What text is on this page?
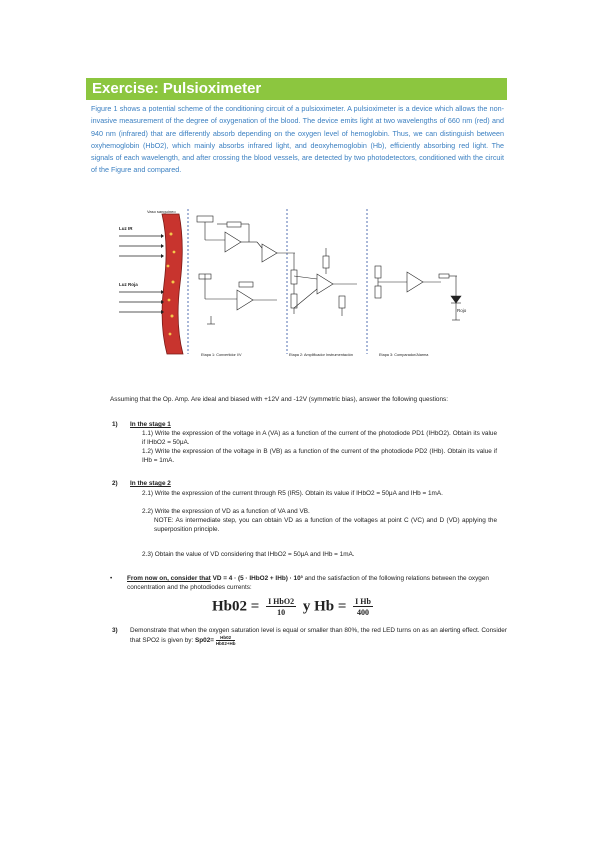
Exercise: Pulsioximeter
Figure 1 shows a potential scheme of the conditioning circuit of a pulsioximeter. A pulsioximeter is a device which allows the non-invasive measurement of the degree of oxygenation of the blood. The device emits light at two wavelengths of 660 nm (red) and 940 nm (infrared) that are differently absorb depending on the oxygen level of hemoglobin. Thus, we can distinguish between oxyhemoglobin (HbO2), which mainly absorbs infrared light, and deoxyhemoglobin (Hb), efficiently absorbing red light. The signals of each wavelength, and after crossing the blood vessels, are detected by two photodetectors, conditioned with the circuit of the Figure and compared.
Vaso sanguíneo
Luz IR
Luz Roja
Rojo
Etapa 1: Convertidor I/V	Etapa 2: Amplificador Instrumentación	Etapa 3: Comparador/Alarma
Assuming that the Op. Amp. Are ideal and biased with +12V and -12V (symmetric bias), answer the following questions:
1) In the stage 1
1.1) Write the expression of the voltage in A (VA) as a function of the current of the photodiode PD1 (IHbO2). Obtain its value if IHbO2 = 50μA.
1.2) Write the expression of the voltage in B (VB) as a function of the current of the photodiode PD2 (IHb). Obtain its value if IHb = 1mA.
2) In the stage 2
2.1) Write the expression of the current through R5 (IR5). Obtain its value if IHbO2 = 50μA and IHb = 1mA.
2.2) Write the expression of VD as a function of VA and VB.
NOTE: As intermediate step, you can obtain VD as a function of the voltages at point C (VC) and D (VD) applying the superposition principle.
2.3) Obtain the value of VD considering that IHbO2 = 50μA and IHb = 1mA.
• From now on, consider that VD = 4 · (5 · IHbO2 + IHb) · 10³ and the satisfaction of the following relations between the oxygen concentration and the photodiodes currents:
$Hb02 = \frac{\text{I HbO2}}{10}$ y $Hb = \frac{\text{I Hb}}{400}$
3) Demonstrate that when the oxygen saturation level is equal or smaller than 80%, the red LED turns on as an alerting effect. Consider that SPO2 is given by: $Sp02= \frac{Hb02}{Hb02+Hb}$
